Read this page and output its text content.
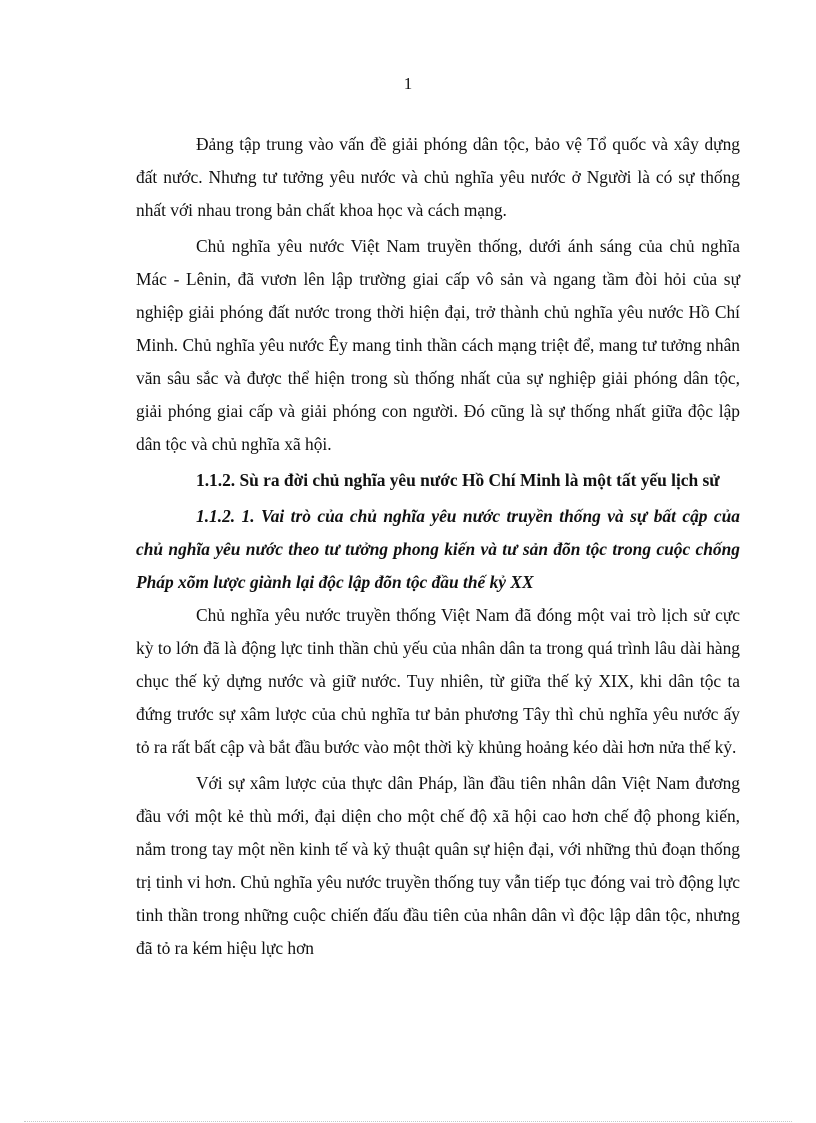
1

Đảng tập trung vào vấn đề giải phóng dân tộc, bảo vệ Tổ quốc và xây dựng đất nước. Nhưng tư tưởng yêu nước và chủ nghĩa yêu nước ở Người là có sự thống nhất với nhau trong bản chất khoa học và cách mạng.

Chủ nghĩa yêu nước Việt Nam truyền thống, dưới ánh sáng của chủ nghĩa Mác - Lênin, đã vươn lên lập trường giai cấp vô sản và ngang tầm đòi hỏi của sự nghiệp giải phóng đất nước trong thời hiện đại, trở thành chủ nghĩa yêu nước Hồ Chí Minh. Chủ nghĩa yêu nước Êy mang tinh thần cách mạng triệt để, mang tư tưởng nhân văn sâu sắc và được thể hiện trong sù thống nhất của sự nghiệp giải phóng dân tộc, giải phóng giai cấp và giải phóng con người. Đó cũng là sự thống nhất giữa độc lập dân tộc và chủ nghĩa xã hội.

1.1.2. Sù ra đời chủ nghĩa yêu nước Hồ Chí Minh là một tất yếu lịch sử

1.1.2. 1. Vai trò của chủ nghĩa yêu nước truyền thống và sự bất cập của chủ nghĩa yêu nước theo tư tưởng phong kiến và tư sản đõn tộc trong cuộc chống Pháp xõm lược giành lại độc lập đõn tộc đầu thế kỷ XX

Chủ nghĩa yêu nước truyền thống Việt Nam đã đóng một vai trò lịch sử cực kỳ to lớn đã là động lực tinh thần chủ yếu của nhân dân ta trong quá trình lâu dài hàng chục thế kỷ dựng nước và giữ nước. Tuy nhiên, từ giữa thế kỷ XIX, khi dân tộc ta đứng trước sự xâm lược của chủ nghĩa tư bản phương Tây thì chủ nghĩa yêu nước ấy tỏ ra rất bất cập và bắt đầu bước vào một thời kỳ khủng hoảng kéo dài hơn nửa thế kỷ.

Với sự xâm lược của thực dân Pháp, lần đầu tiên nhân dân Việt Nam đương đầu với một kẻ thù mới, đại diện cho một chế độ xã hội cao hơn chế độ phong kiến, nắm trong tay một nền kinh tế và kỷ thuật quân sự hiện đại, với những thủ đoạn thống trị tinh vi hơn. Chủ nghĩa yêu nước truyền thống tuy vẫn tiếp tục đóng vai trò động lực tinh thần trong những cuộc chiến đấu đầu tiên của nhân dân vì độc lập dân tộc, nhưng đã tỏ ra kém hiệu lực hơn
